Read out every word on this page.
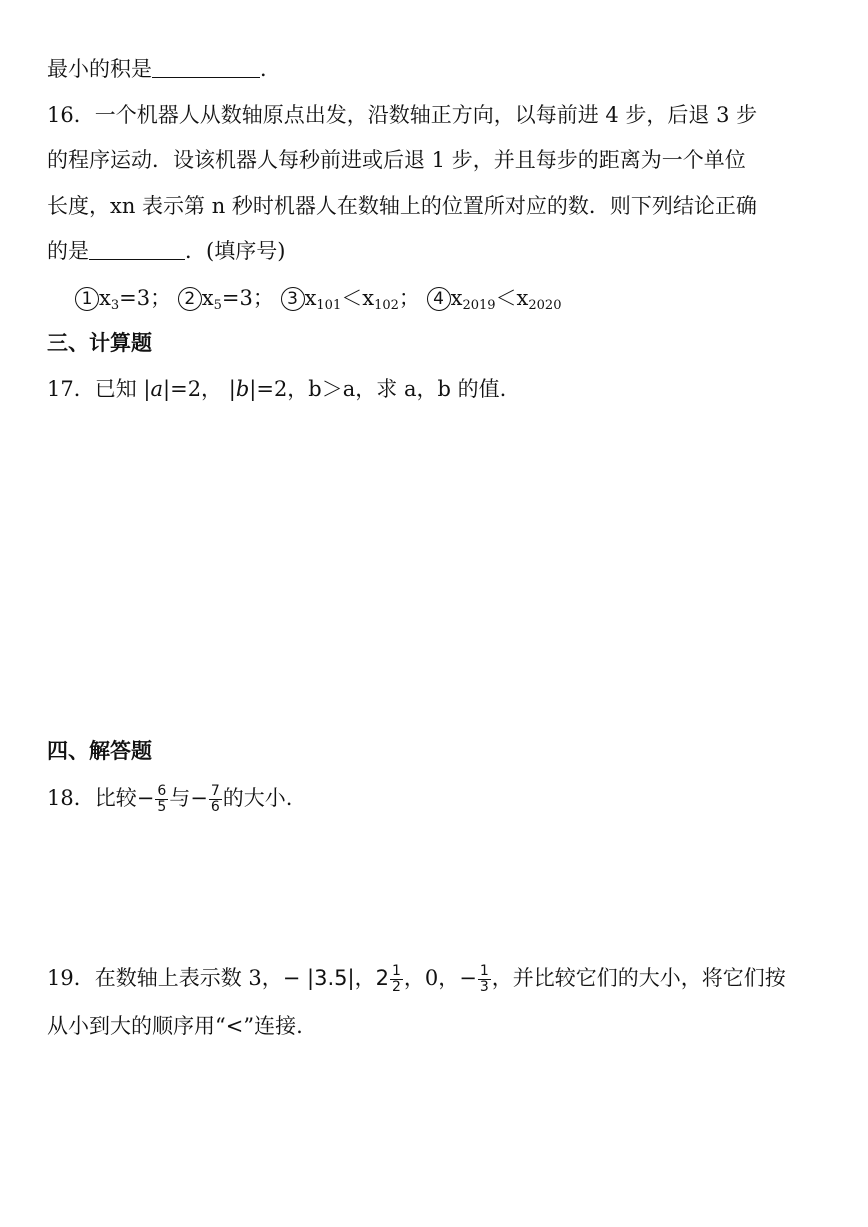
最小的积是	．
16．一个机器人从数轴原点出发，沿数轴正方向，以每前进 4 步，后退 3 步
的程序运动．设该机器人每秒前进或后退 1 步，并且每步的距离为一个单位
长度，xn 表示第 n 秒时机器人在数轴上的位置所对应的数．则下列结论正确
的是	．(填序号)
1 $x_3=3$； 2 $x_5=3$； 3 $x_{101}<x_{102}$； 4 $x_{2019}<x_{2020}$
三、计算题
17．已知 |a|=2， |b|=2，b＞a，求 a，b 的值.
四、解答题
18．比较− $\frac{6}{5}$ 与− $\frac{7}{6}$ 的大小.
19．在数轴上表示数 3，− |3.5|，$2 \frac{1}{2}$ ，0，− $\frac{1}{3}$ ，并比较它们的大小，将它们按
从小到大的顺序用“<”连接.
